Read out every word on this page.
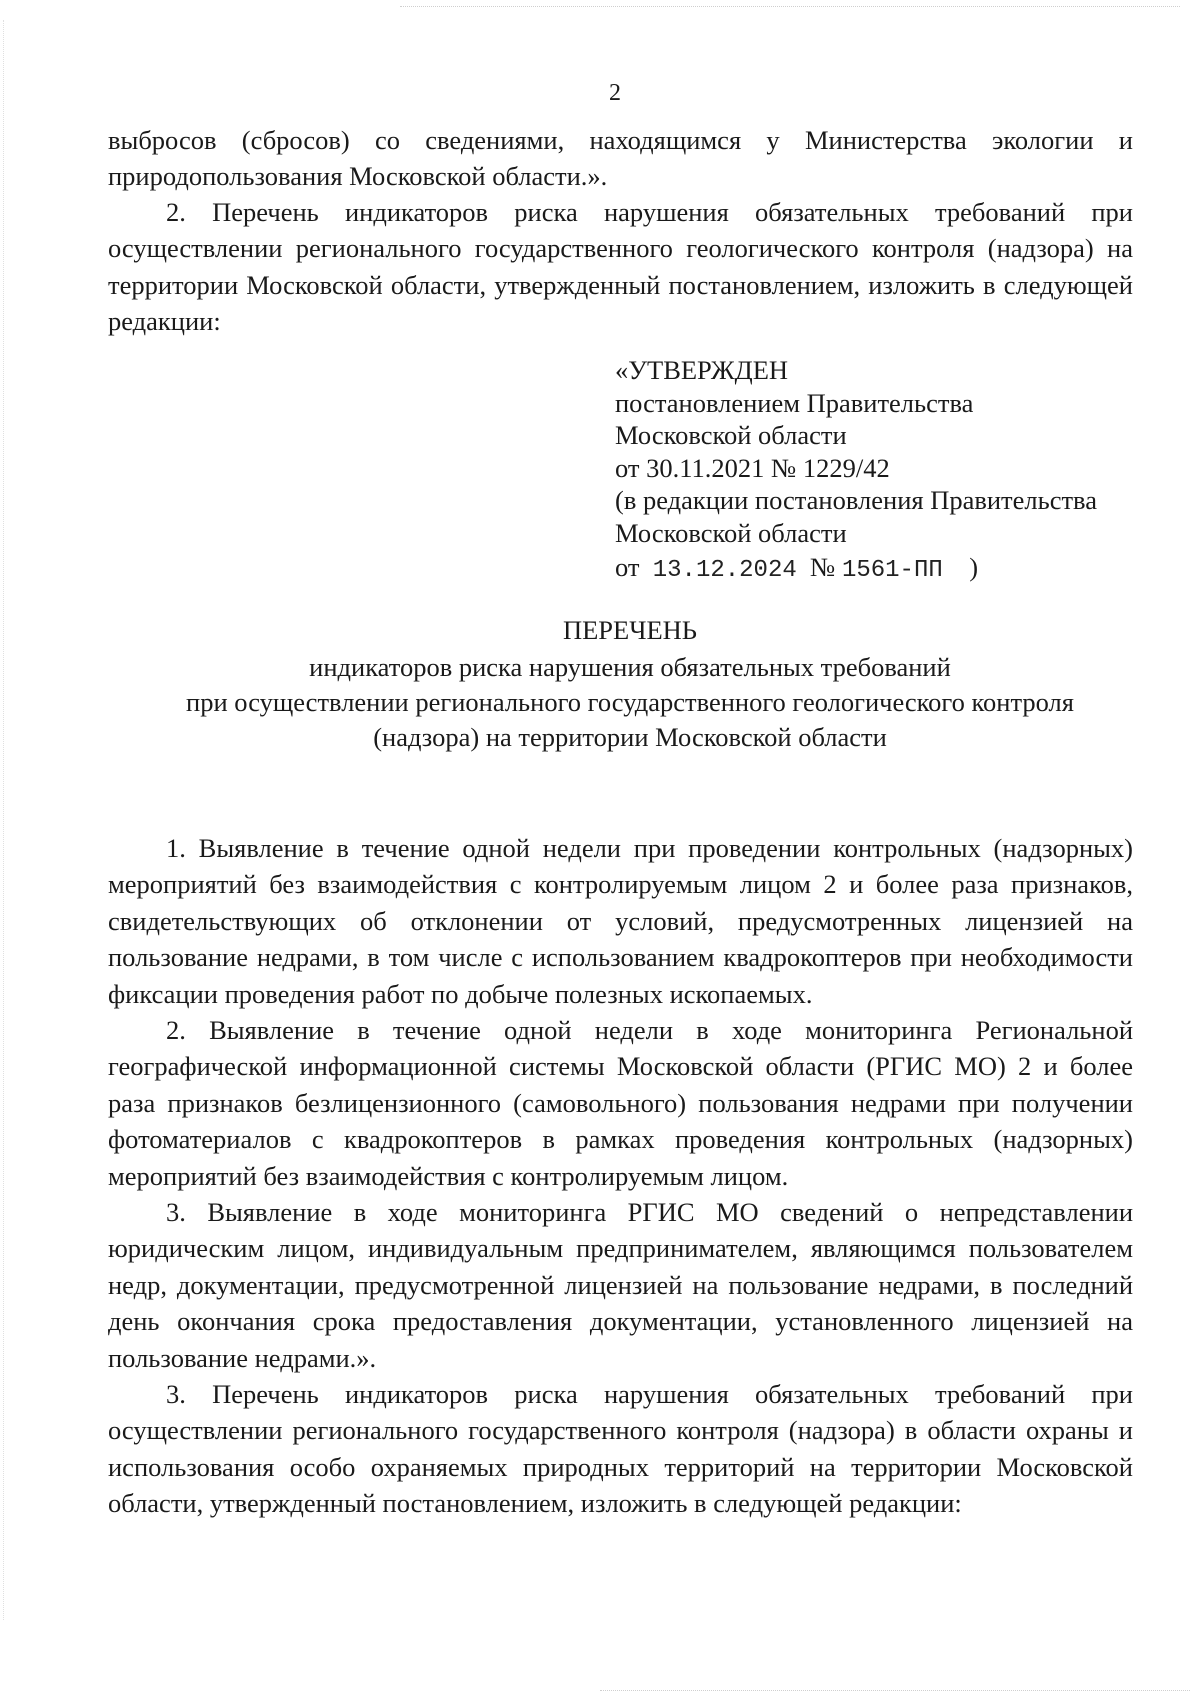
2

выбросов (сбросов) со сведениями, находящимся у Министерства экологии и природопользования Московской области.».

2. Перечень индикаторов риска нарушения обязательных требований при осуществлении регионального государственного геологического контроля (надзора) на территории Московской области, утвержденный постановлением, изложить в следующей редакции:

«УТВЕРЖДЕН
постановлением Правительства
Московской области
от 30.11.2021 № 1229/42
(в редакции постановления Правительства
Московской области
от 13.12.2024 № 1561-ПП )
ПЕРЕЧЕНЬ
индикаторов риска нарушения обязательных требований
при осуществлении регионального государственного геологического контроля
(надзора) на территории Московской области

1. Выявление в течение одной недели при проведении контрольных (надзорных) мероприятий без взаимодействия с контролируемым лицом 2 и более раза признаков, свидетельствующих об отклонении от условий, предусмотренных лицензией на пользование недрами, в том числе с использованием квадрокоптеров при необходимости фиксации проведения работ по добыче полезных ископаемых.

2. Выявление в течение одной недели в ходе мониторинга Региональной географической информационной системы Московской области (РГИС МО) 2 и более раза признаков безлицензионного (самовольного) пользования недрами при получении фотоматериалов с квадрокоптеров в рамках проведения контрольных (надзорных) мероприятий без взаимодействия с контролируемым лицом.

3. Выявление в ходе мониторинга РГИС МО сведений о непредставлении юридическим лицом, индивидуальным предпринимателем, являющимся пользователем недр, документации, предусмотренной лицензией на пользование недрами, в последний день окончания срока предоставления документации, установленного лицензией на пользование недрами.».

3. Перечень индикаторов риска нарушения обязательных требований при осуществлении регионального государственного контроля (надзора) в области охраны и использования особо охраняемых природных территорий на территории Московской области, утвержденный постановлением, изложить в следующей редакции:
